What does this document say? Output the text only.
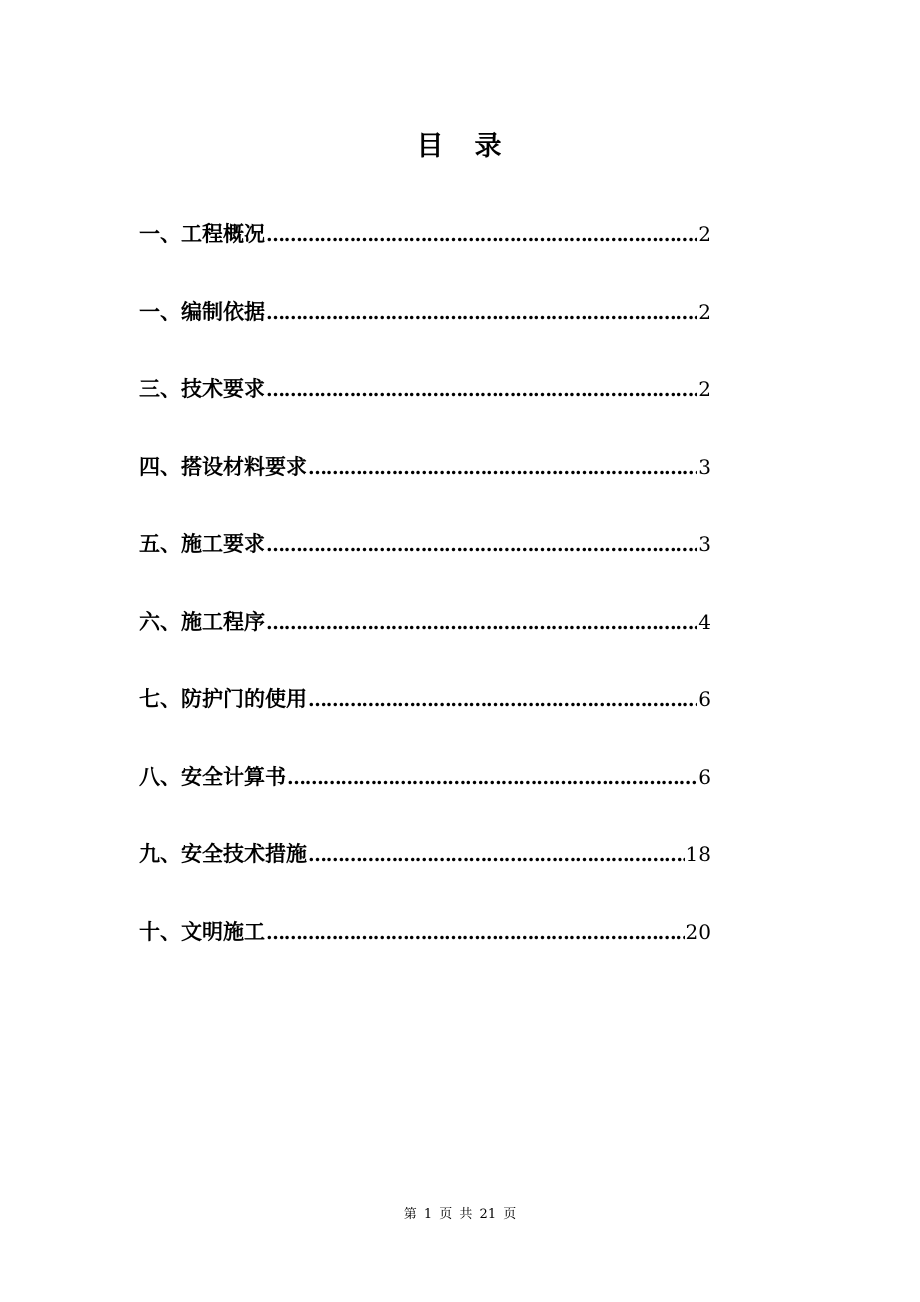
目　录
一、工程概况 …………………………………………………………………………………………………………………………………………………	2
一、编制依据 …………………………………………………………………………………………………………………………………………………	2
三、技术要求 …………………………………………………………………………………………………………………………………………………	2
四、搭设材料要求 …………………………………………………………………………………………………………………………………………………	3
五、施工要求 …………………………………………………………………………………………………………………………………………………	3
六、施工程序 …………………………………………………………………………………………………………………………………………………	4
七、防护门的使用 …………………………………………………………………………………………………………………………………………………	6
八、安全计算书 …………………………………………………………………………………………………………………………………………………	6
九、安全技术措施 …………………………………………………………………………………………………………………………………………………	18
十、文明施工 …………………………………………………………………………………………………………………………………………………	20
第 1 页 共 21 页
